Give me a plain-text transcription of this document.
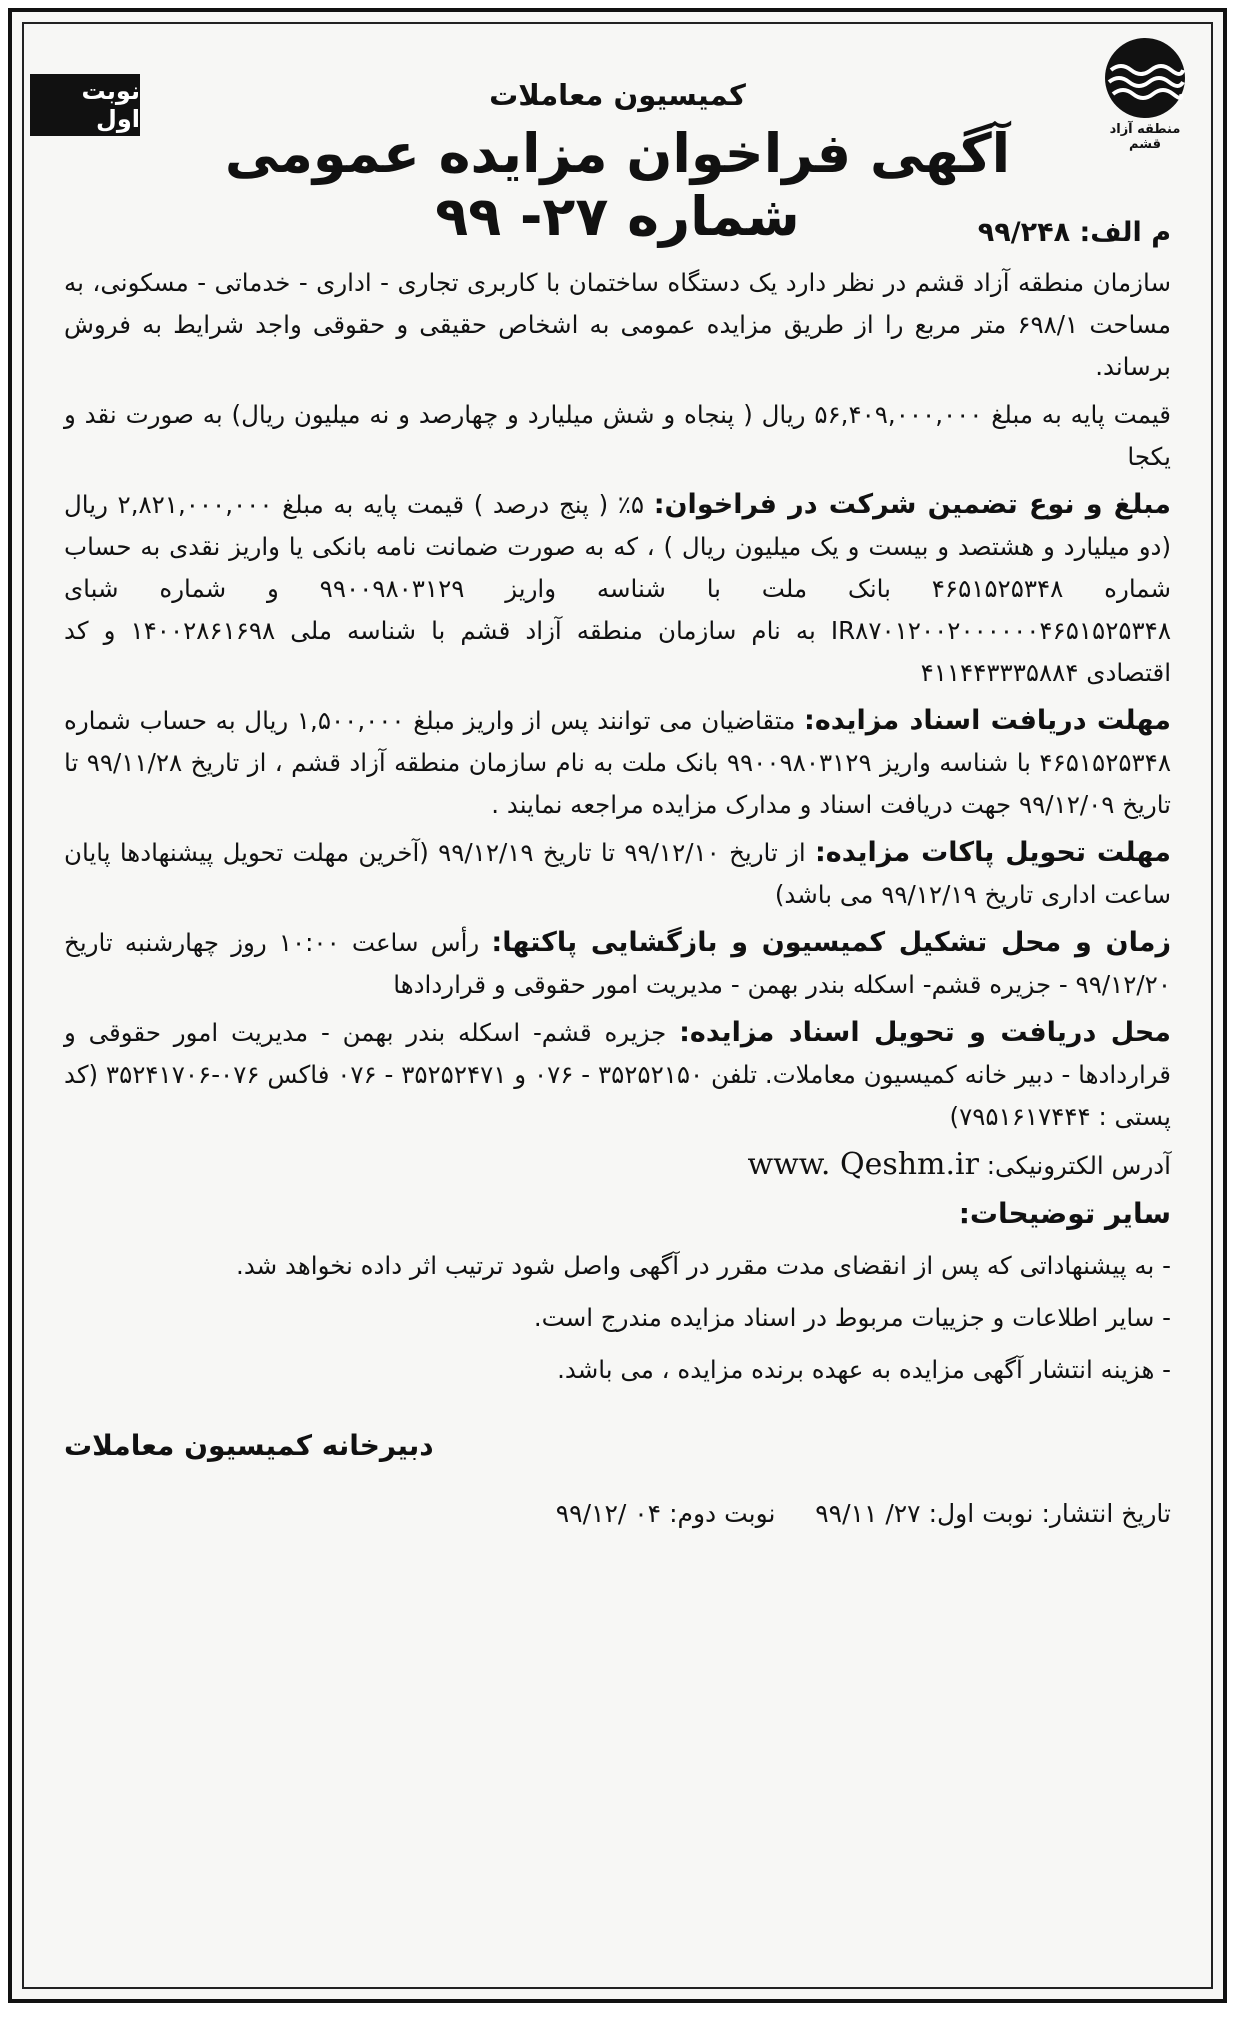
نوبت اول	منطقه آزاد قشم
کمیسیون معاملات
آگهی فراخوان مزایده عمومی شماره ۲۷- ۹۹	م الف: ۹۹/۲۴۸

سازمان منطقه آزاد قشم در نظر دارد یک دستگاه ساختمان با کاربری تجاری - اداری - خدماتی - مسکونی، به مساحت ۶۹۸/۱ متر مربع را از طریق مزایده عمومی به اشخاص حقیقی و حقوقی واجد شرایط به فروش برساند.

قیمت پایه به مبلغ ۵۶,۴۰۹,۰۰۰,۰۰۰ ریال ( پنجاه و شش میلیارد و چهارصد و نه میلیون ریال) به صورت نقد و یکجا

مبلغ و نوع تضمین شرکت در فراخوان: ۵٪ ( پنج درصد ) قیمت پایه به مبلغ ۲,۸۲۱,۰۰۰,۰۰۰ ریال (دو میلیارد و هشتصد و بیست و یک میلیون ریال ) ، که به صورت ضمانت نامه بانکی یا واریز نقدی به حساب شماره ۴۶۵۱۵۲۵۳۴۸ بانک ملت با شناسه واریز ۹۹۰۰۹۸۰۳۱۲۹ و شماره شبای IR۸۷۰۱۲۰۰۲۰۰۰۰۰۰۴۶۵۱۵۲۵۳۴۸ به نام سازمان منطقه آزاد قشم با شناسه ملی ۱۴۰۰۲۸۶۱۶۹۸ و کد اقتصادی ۴۱۱۴۴۳۳۳۵۸۸۴

مهلت دریافت اسناد مزایده: متقاضیان می توانند پس از واریز مبلغ ۱,۵۰۰,۰۰۰ ریال به حساب شماره ۴۶۵۱۵۲۵۳۴۸ با شناسه واریز ۹۹۰۰۹۸۰۳۱۲۹ بانک ملت به نام سازمان منطقه آزاد قشم ، از تاریخ ۹۹/۱۱/۲۸ تا تاریخ ۹۹/۱۲/۰۹ جهت دریافت اسناد و مدارک مزایده مراجعه نمایند .

مهلت تحویل پاکات مزایده: از تاریخ ۹۹/۱۲/۱۰ تا تاریخ ۹۹/۱۲/۱۹ (آخرین مهلت تحویل پیشنهادها پایان ساعت اداری تاریخ ۹۹/۱۲/۱۹ می باشد)

زمان و محل تشکیل کمیسیون و بازگشایی پاکتها: رأس ساعت ۱۰:۰۰ روز چهارشنبه تاریخ ۹۹/۱۲/۲۰ - جزیره قشم- اسکله بندر بهمن - مدیریت امور حقوقی و قراردادها

محل دریافت و تحویل اسناد مزایده: جزیره قشم- اسکله بندر بهمن - مدیریت امور حقوقی و قراردادها - دبیر خانه کمیسیون معاملات. تلفن ۳۵۲۵۲۱۵۰ - ۰۷۶ و ۳۵۲۵۲۴۷۱ - ۰۷۶ فاکس ۰۷۶-۳۵۲۴۱۷۰۶ (کد پستی : ۷۹۵۱۶۱۷۴۴۴)

آدرس الکترونیکی: www. Qeshm.ir

سایر توضیحات:

- به پیشنهاداتی که پس از انقضای مدت مقرر در آگهی واصل شود ترتیب اثر داده نخواهد شد.

- سایر اطلاعات و جزییات مربوط در اسناد مزایده مندرج است.

- هزینه انتشار آگهی مزایده به عهده برنده مزایده ، می باشد.

دبیرخانه کمیسیون معاملات

تاریخ انتشار: نوبت اول: ۲۷/ ۹۹/۱۱     نوبت دوم: ۰۴ /۹۹/۱۲
